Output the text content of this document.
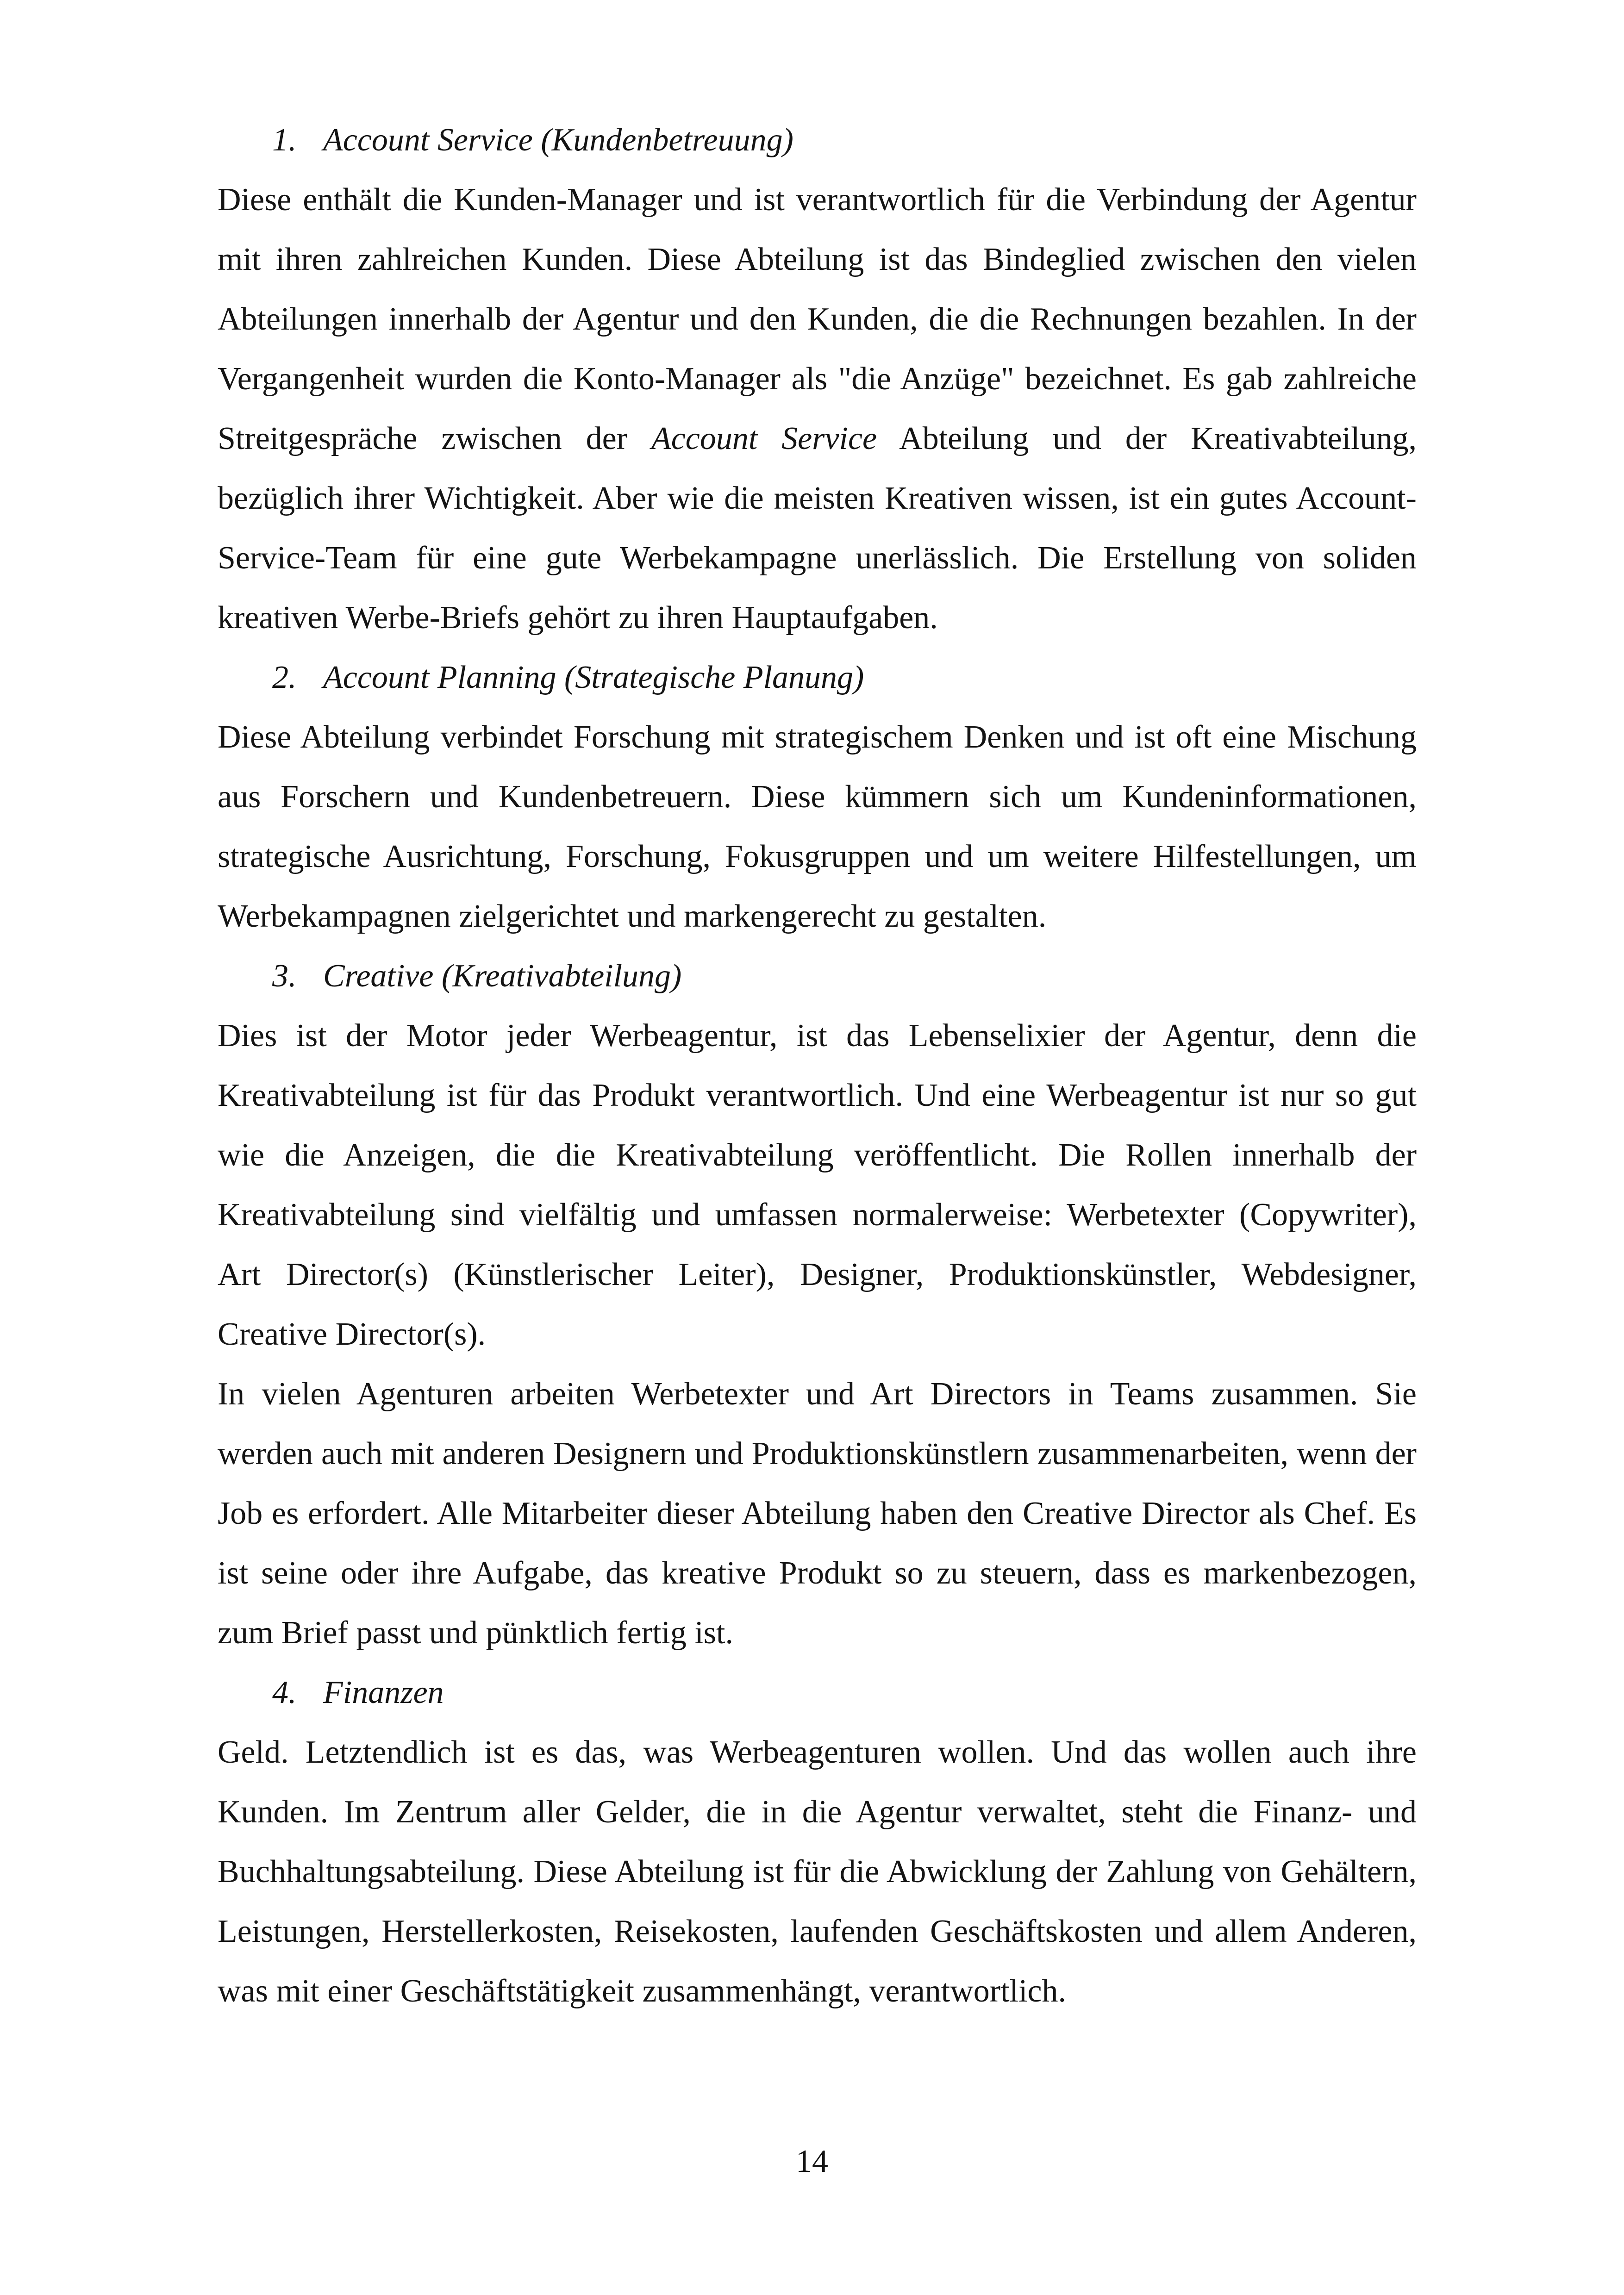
1. Account Service (Kundenbetreuung)

Diese enthält die Kunden-Manager und ist verantwortlich für die Verbindung der Agentur mit ihren zahlreichen Kunden. Diese Abteilung ist das Bindeglied zwischen den vielen Abteilungen innerhalb der Agentur und den Kunden, die die Rechnungen bezahlen. In der Vergangenheit wurden die Konto-Manager als "die Anzüge" bezeichnet. Es gab zahlreiche Streitgespräche zwischen der Account Service Abteilung und der Kreativabteilung, bezüglich ihrer Wichtigkeit. Aber wie die meisten Kreativen wissen, ist ein gutes Account-Service-Team für eine gute Werbekampagne unerlässlich. Die Erstellung von soliden kreativen Werbe-Briefs gehört zu ihren Hauptaufgaben.

2. Account Planning (Strategische Planung)

Diese Abteilung verbindet Forschung mit strategischem Denken und ist oft eine Mischung aus Forschern und Kundenbetreuern. Diese kümmern sich um Kundeninformationen, strategische Ausrichtung, Forschung, Fokusgruppen und um weitere Hilfestellungen, um Werbekampagnen zielgerichtet und markengerecht zu gestalten.

3. Creative (Kreativabteilung)

Dies ist der Motor jeder Werbeagentur, ist das Lebenselixier der Agentur, denn die Kreativabteilung ist für das Produkt verantwortlich. Und eine Werbeagentur ist nur so gut wie die Anzeigen, die die Kreativabteilung veröffentlicht. Die Rollen innerhalb der Kreativabteilung sind vielfältig und umfassen normalerweise: Werbetexter (Copywriter), Art Director(s) (Künstlerischer Leiter), Designer, Produktionskünstler, Webdesigner, Creative Director(s).

In vielen Agenturen arbeiten Werbetexter und Art Directors in Teams zusammen. Sie werden auch mit anderen Designern und Produktionskünstlern zusammenarbeiten, wenn der Job es erfordert. Alle Mitarbeiter dieser Abteilung haben den Creative Director als Chef. Es ist seine oder ihre Aufgabe, das kreative Produkt so zu steuern, dass es markenbezogen, zum Brief passt und pünktlich fertig ist.

4. Finanzen

Geld. Letztendlich ist es das, was Werbeagenturen wollen. Und das wollen auch ihre Kunden. Im Zentrum aller Gelder, die in die Agentur verwaltet, steht die Finanz- und Buchhaltungsabteilung. Diese Abteilung ist für die Abwicklung der Zahlung von Gehältern, Leistungen, Herstellerkosten, Reisekosten, laufenden Geschäftskosten und allem Anderen, was mit einer Geschäftstätigkeit zusammenhängt, verantwortlich.

14
